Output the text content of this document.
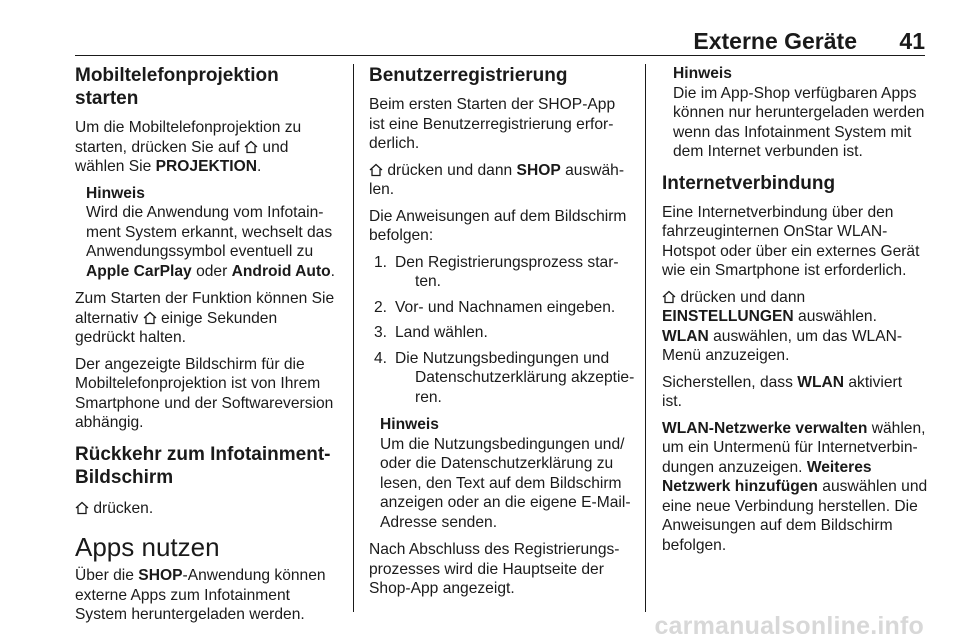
Externe Geräte 41
Mobiltelefonprojektion starten

Um die Mobiltelefonprojektion zu
starten, drücken Sie auf und
wählen Sie PROJEKTION.

Hinweis
Wird die Anwendung vom Infotain-
ment System erkannt, wechselt das
Anwendungssymbol eventuell zu
Apple CarPlay oder Android Auto.

Zum Starten der Funktion können Sie
alternativ einige Sekunden
gedrückt halten.

Der angezeigte Bildschirm für die Mobiltelefonprojektion ist von Ihrem Smartphone und der Softwareversion abhängig.

Rückkehr zum Infotainment-
Bildschirm

drücken.

Apps nutzen

Über die SHOP-Anwendung können
externe Apps zum Infotainment
System heruntergeladen werden.

Benutzerregistrierung

Beim ersten Starten der SHOP-App
ist eine Benutzerregistrierung erfor-
derlich.

drücken und dann SHOP auswäh-
len.

Die Anweisungen auf dem Bildschirm
befolgen:

1. Den Registrierungsprozess star-
ten.
2. Vor- und Nachnamen eingeben.
3. Land wählen.
4. Die Nutzungsbedingungen und
Datenschutzerklärung akzeptie-
ren.
Hinweis
Um die Nutzungsbedingungen und/
oder die Datenschutzerklärung zu
lesen, den Text auf dem Bildschirm
anzeigen oder an die eigene E-Mail-
Adresse senden.

Nach Abschluss des Registrierungs-
prozesses wird die Hauptseite der
Shop-App angezeigt.

Hinweis
Die im App-Shop verfügbaren Apps
können nur heruntergeladen werden
wenn das Infotainment System mit
dem Internet verbunden ist.
Internetverbindung

Eine Internetverbindung über den
fahrzeuginternen OnStar WLAN-
Hotspot oder über ein externes Gerät
wie ein Smartphone ist erforderlich.

drücken und dann
EINSTELLUNGEN auswählen.
WLAN auswählen, um das WLAN-
Menü anzuzeigen.

Sicherstellen, dass WLAN aktiviert
ist.

WLAN-Netzwerke verwalten wählen,
um ein Untermenü für Internetverbin-
dungen anzuzeigen. Weiteres
Netzwerk hinzufügen auswählen und
eine neue Verbindung herstellen. Die
Anweisungen auf dem Bildschirm
befolgen.

carmanualsonline.info
